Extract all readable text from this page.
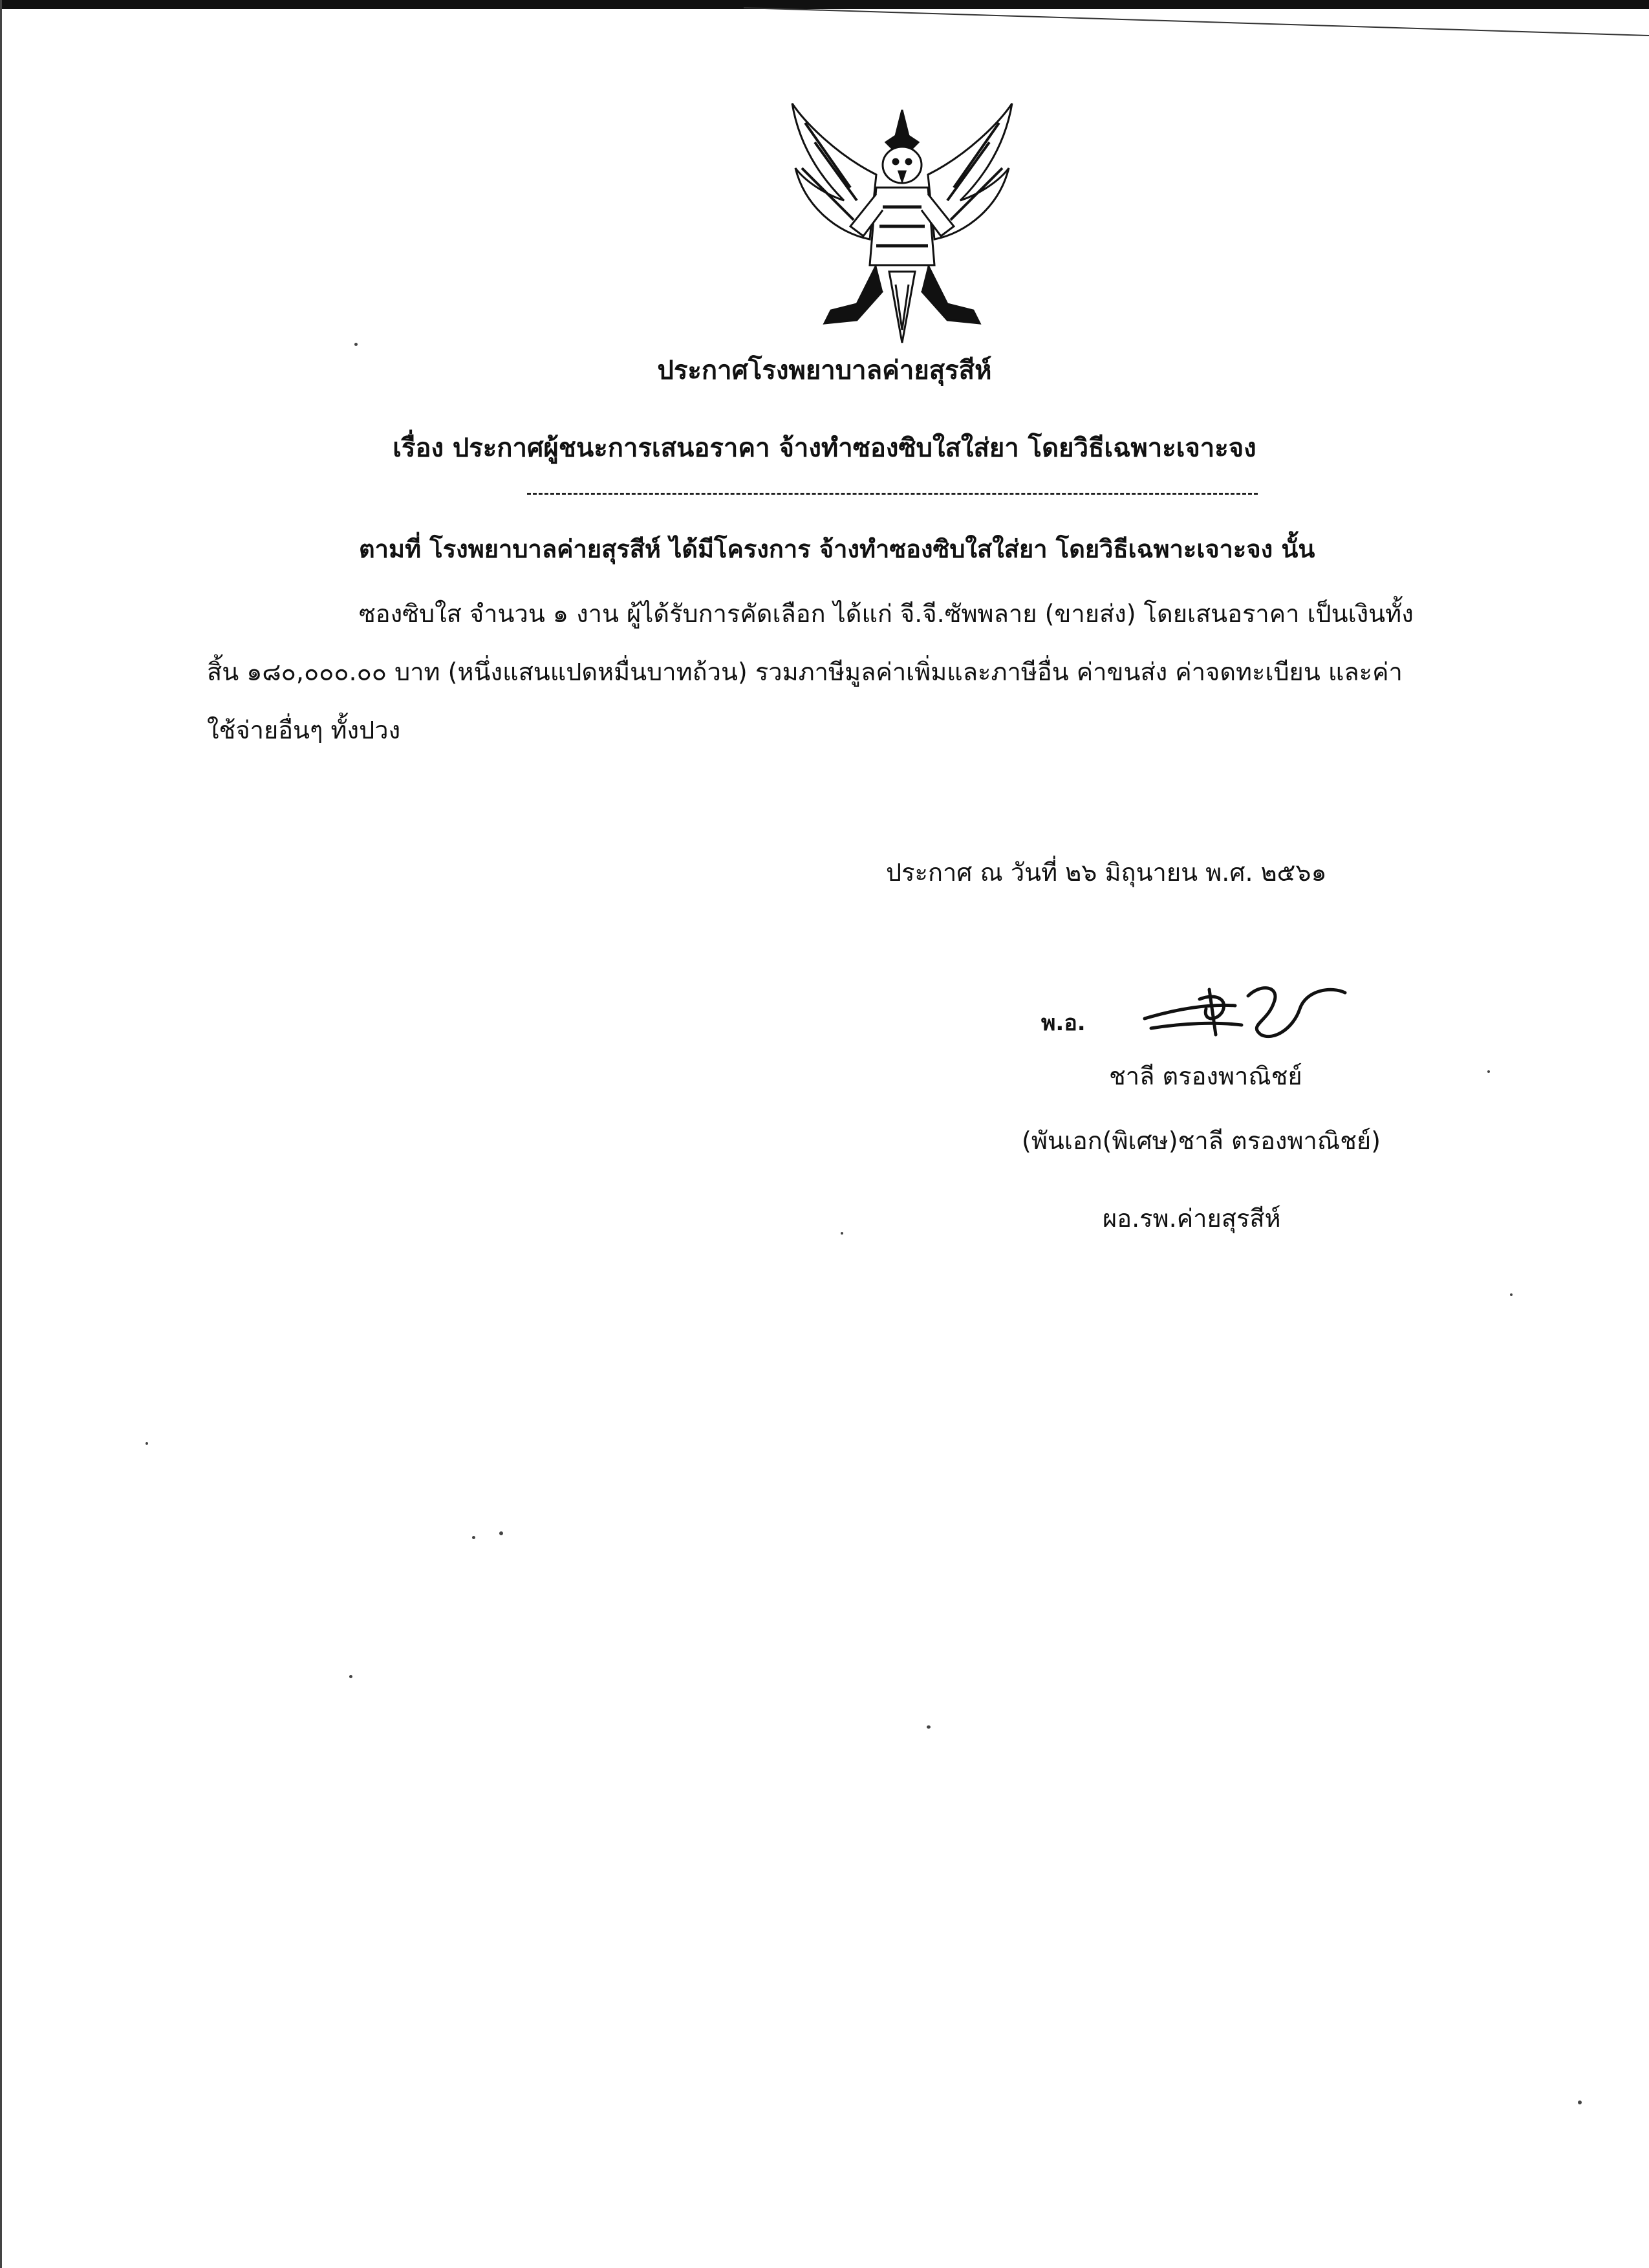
ประกาศโรงพยาบาลค่ายสุรสีห์
เรื่อง ประกาศผู้ชนะการเสนอราคา จ้างทำซองซิบใสใส่ยา โดยวิธีเฉพาะเจาะจง
ตามที่ โรงพยาบาลค่ายสุรสีห์ ได้มีโครงการ จ้างทำซองซิบใสใส่ยา โดยวิธีเฉพาะเจาะจง นั้น
ซองซิบใส จำนวน ๑ งาน ผู้ได้รับการคัดเลือก ได้แก่ จี.จี.ซัพพลาย (ขายส่ง) โดยเสนอราคา เป็นเงินทั้ง
สิ้น ๑๘๐,๐๐๐.๐๐ บาท (หนึ่งแสนแปดหมื่นบาทถ้วน) รวมภาษีมูลค่าเพิ่มและภาษีอื่น ค่าขนส่ง ค่าจดทะเบียน และค่า
ใช้จ่ายอื่นๆ ทั้งปวง
ประกาศ ณ วันที่ ๒๖ มิถุนายน พ.ศ. ๒๕๖๑
พ.อ.
ชาลี ตรองพาณิชย์
(พันเอก(พิเศษ)ชาลี ตรองพาณิชย์)
ผอ.รพ.ค่ายสุรสีห์
